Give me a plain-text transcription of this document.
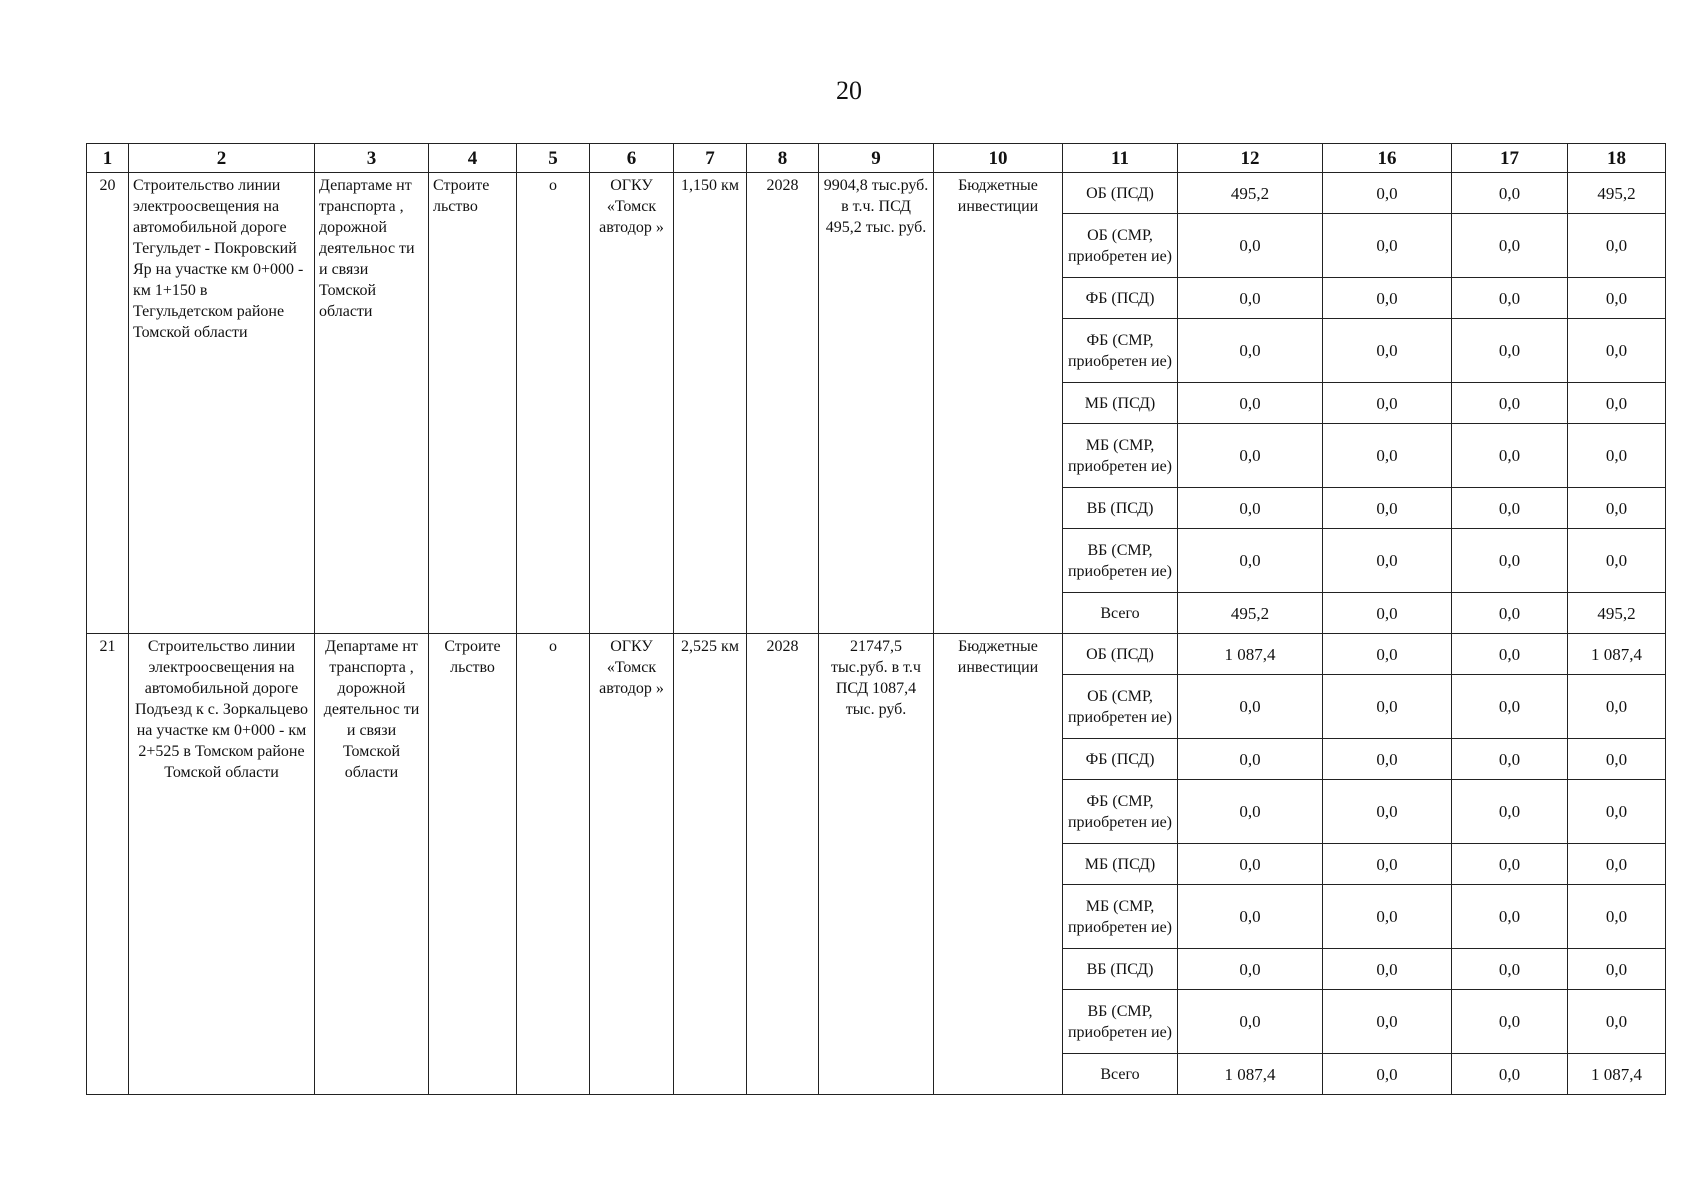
20
1	2	3	4	5	6	7	8	9	10	11	12	16	17	18
20	Строительство линии электроосвещения на автомобильной дороге Тегульдет - Покровский Яр на участке км 0+000 - км 1+150 в Тегульдетском районе Томской области	Департаме нт транспорта , дорожной деятельнос ти и связи Томской области	Строите льство	о	ОГКУ «Томск автодор »	1,150 км	2028	9904,8 тыс.руб. в т.ч. ПСД 495,2 тыс. руб.	Бюджетные инвестиции	ОБ (ПСД)	495,2	0,0	0,0	495,2
										ОБ (СМР, приобретен ие)	0,0	0,0	0,0	0,0
										ФБ (ПСД)	0,0	0,0	0,0	0,0
										ФБ (СМР, приобретен ие)	0,0	0,0	0,0	0,0
										МБ (ПСД)	0,0	0,0	0,0	0,0
										МБ (СМР, приобретен ие)	0,0	0,0	0,0	0,0
										ВБ (ПСД)	0,0	0,0	0,0	0,0
										ВБ (СМР, приобретен ие)	0,0	0,0	0,0	0,0
										Всего	495,2	0,0	0,0	495,2
21	Строительство линии электроосвещения на автомобильной дороге Подъезд к с. Зоркальцево на участке км 0+000 - км 2+525 в Томском районе Томской области	Департаме нт транспорта , дорожной деятельнос ти и связи Томской области	Строите льство	о	ОГКУ «Томск автодор »	2,525 км	2028	21747,5 тыс.руб. в т.ч ПСД 1087,4 тыс. руб.	Бюджетные инвестиции	ОБ (ПСД)	1 087,4	0,0	0,0	1 087,4
										ОБ (СМР, приобретен ие)	0,0	0,0	0,0	0,0
										ФБ (ПСД)	0,0	0,0	0,0	0,0
										ФБ (СМР, приобретен ие)	0,0	0,0	0,0	0,0
										МБ (ПСД)	0,0	0,0	0,0	0,0
										МБ (СМР, приобретен ие)	0,0	0,0	0,0	0,0
										ВБ (ПСД)	0,0	0,0	0,0	0,0
										ВБ (СМР, приобретен ие)	0,0	0,0	0,0	0,0
										Всего	1 087,4	0,0	0,0	1 087,4
